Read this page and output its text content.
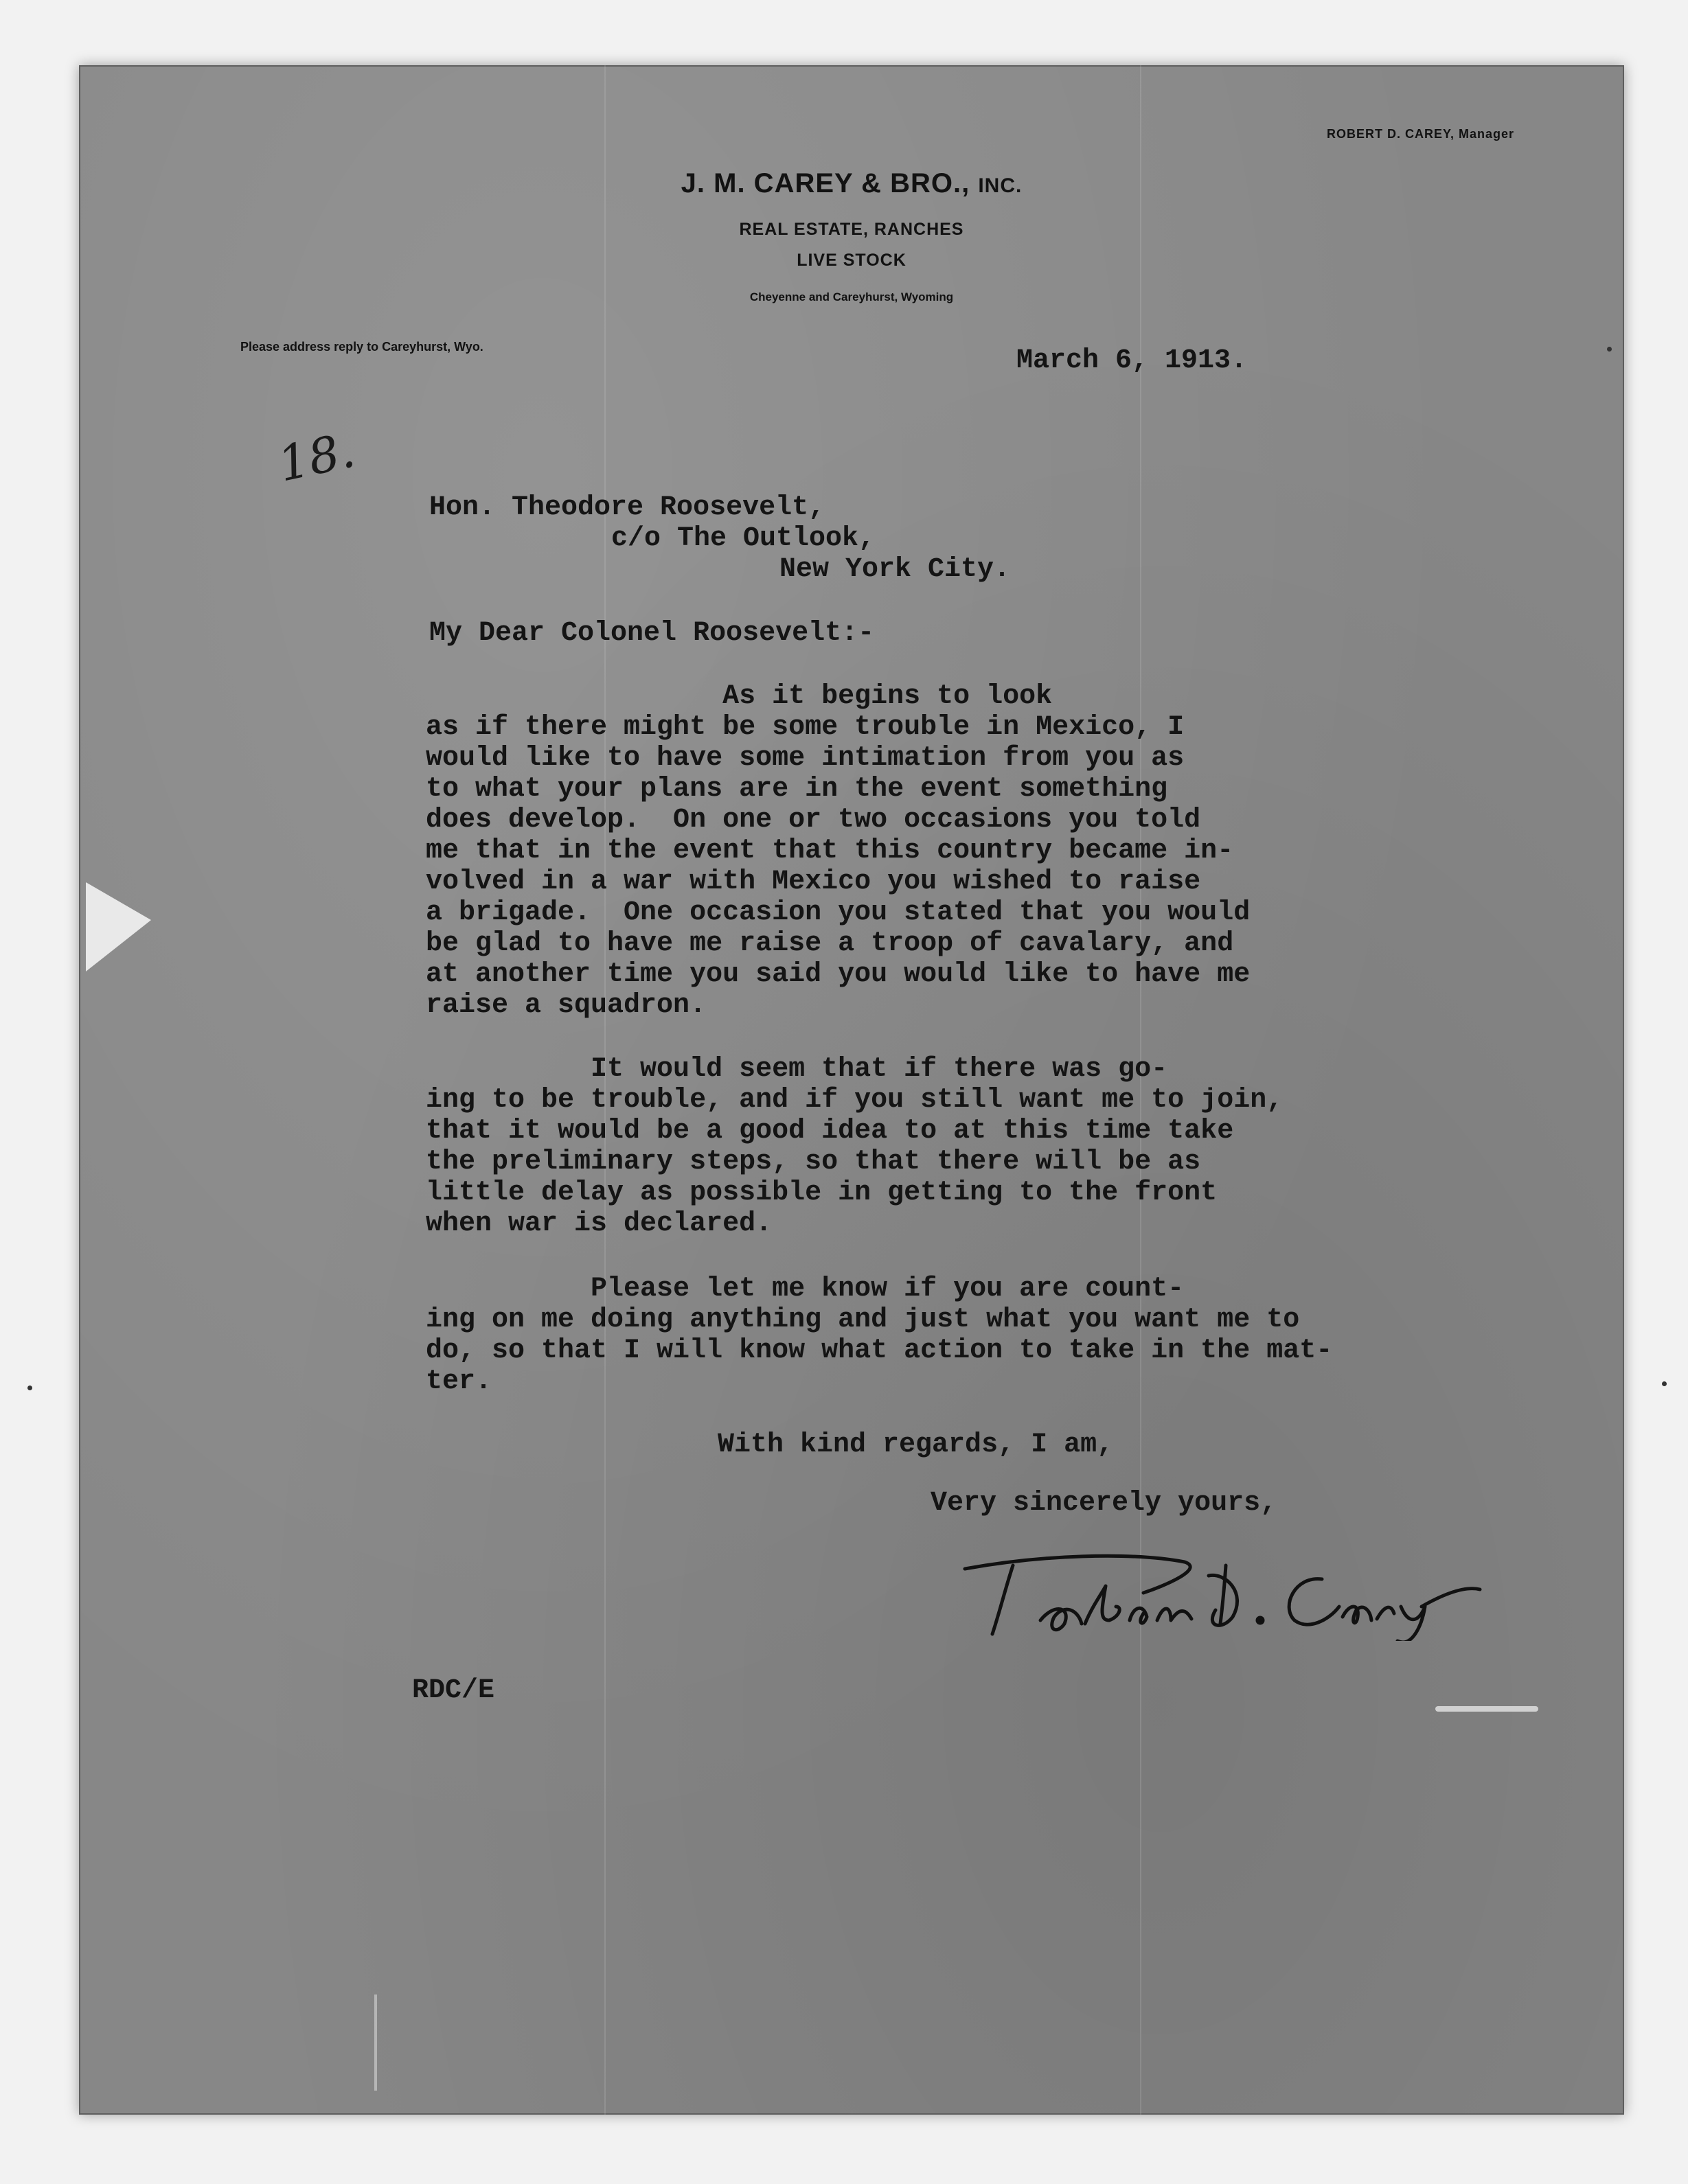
ROBERT D. CAREY, Manager
J. M. CAREY & BRO., INC.
REAL ESTATE, RANCHES
LIVE STOCK
Cheyenne and Careyhurst, Wyoming
Please address reply to Careyhurst, Wyo.
18.
March 6, 1913.
Hon. Theodore Roosevelt,
c/o The Outlook,
New York City.
My Dear Colonel Roosevelt:-
As it begins to look
as if there might be some trouble in Mexico, I
would like to have some intimation from you as
to what your plans are in the event something
does develop.  On one or two occasions you told
me that in the event that this country became in-
volved in a war with Mexico you wished to raise
a brigade.  One occasion you stated that you would
be glad to have me raise a troop of cavalary, and
at another time you said you would like to have me
raise a squadron.
It would seem that if there was go-
ing to be trouble, and if you still want me to join,
that it would be a good idea to at this time take
the preliminary steps, so that there will be as
little delay as possible in getting to the front
when war is declared.
Please let me know if you are count-
ing on me doing anything and just what you want me to
do, so that I will know what action to take in the mat-
ter.
With kind regards, I am,
Very sincerely yours,
RDC/E
